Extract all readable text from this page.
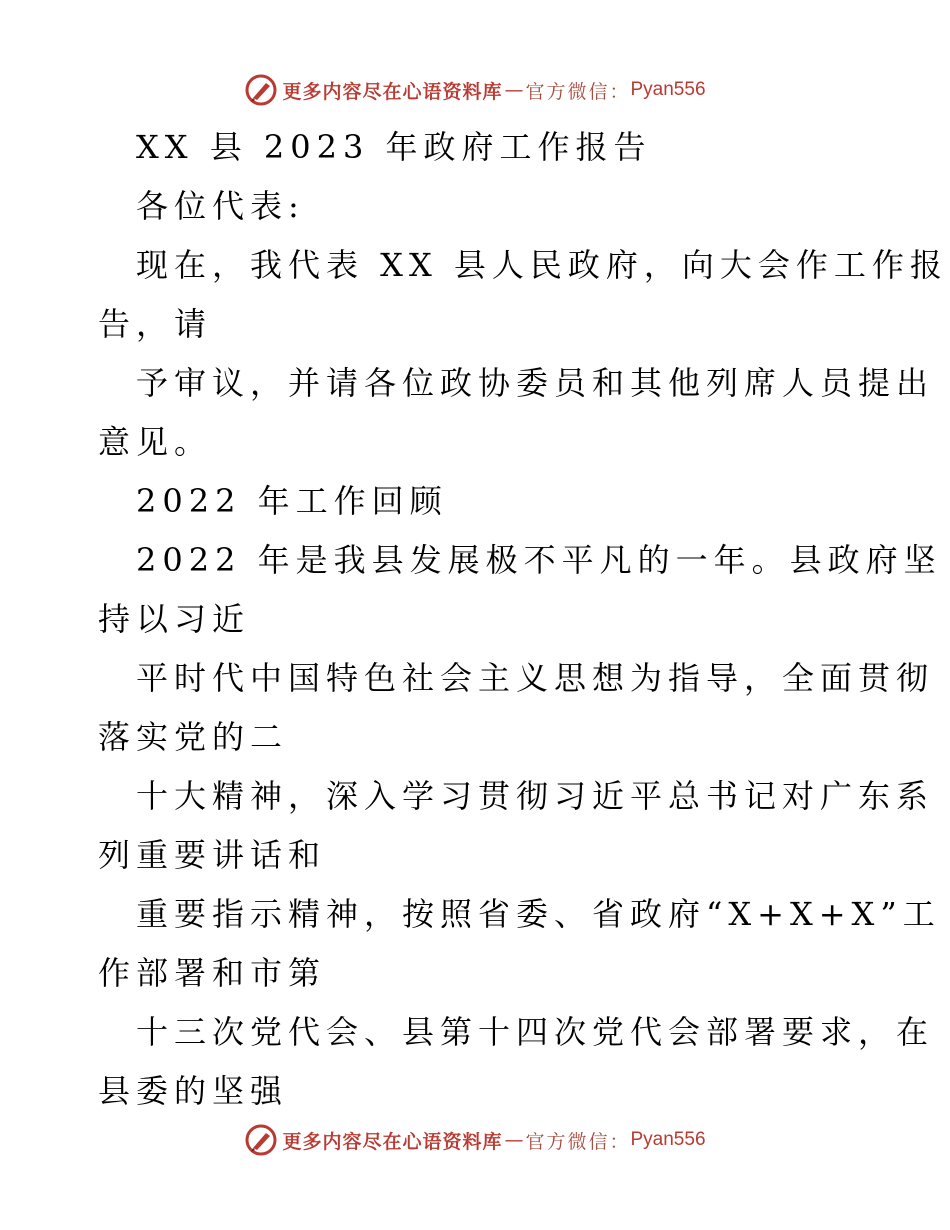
更多内容尽在心语资料库 — 官方微信： Pyan556
XX 县 2023 年政府工作报告
各位代表:
现在，我代表 XX 县人民政府，向大会作工作报
告，请
予审议，并请各位政协委员和其他列席人员提出
意见。
2022 年工作回顾
2022 年是我县发展极不平凡的一年。县政府坚
持以习近
平时代中国特色社会主义思想为指导，全面贯彻
落实党的二
十大精神，深入学习贯彻习近平总书记对广东系
列重要讲话和
重要指示精神，按照省委、省政府“X+X+X”工
作部署和市第
十三次党代会、县第十四次党代会部署要求，在
县委的坚强
更多内容尽在心语资料库 — 官方微信： Pyan556
